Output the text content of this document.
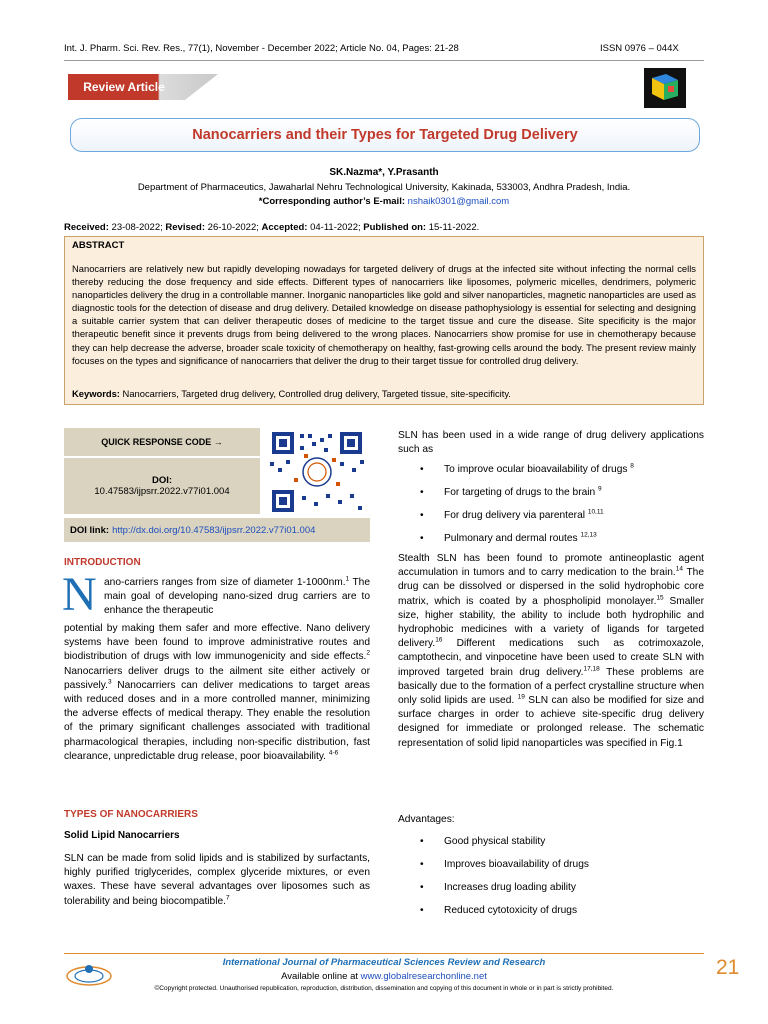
Int. J. Pharm. Sci. Rev. Res., 77(1), November - December 2022; Article No. 04, Pages: 21-28	ISSN 0976 – 044X
Review Article
Nanocarriers and their Types for Targeted Drug Delivery
SK.Nazma*, Y.Prasanth
Department of Pharmaceutics, Jawaharlal Nehru Technological University, Kakinada, 533003, Andhra Pradesh, India.
*Corresponding author’s E-mail: nshaik0301@gmail.com
Received: 23-08-2022; Revised: 26-10-2022; Accepted: 04-11-2022; Published on: 15-11-2022.
ABSTRACT
Nanocarriers are relatively new but rapidly developing nowadays for targeted delivery of drugs at the infected site without infecting the normal cells thereby reducing the dose frequency and side effects. Different types of nanocarriers like liposomes, polymeric micelles, dendrimers, polymeric nanoparticles delivery the drug in a controllable manner. Inorganic nanoparticles like gold and silver nanoparticles, magnetic nanoparticles are used as diagnostic tools for the detection of disease and drug delivery. Detailed knowledge on disease pathophysiology is essential for selecting and designing a suitable carrier system that can deliver therapeutic doses of medicine to the target tissue and cure the disease. Site specificity is the major therapeutic benefit since it prevents drugs from being delivered to the wrong places. Nanocarriers show promise for use in chemotherapy because they can help decrease the adverse, broader scale toxicity of chemotherapy on healthy, fast-growing cells around the body. The present review mainly focuses on the types and significance of nanocarriers that deliver the drug to their target tissue for controlled drug delivery.
Keywords: Nanocarriers, Targeted drug delivery, Controlled drug delivery, Targeted tissue, site-specificity.
QUICK RESPONSE CODE →
DOI:
10.47583/ijpsrr.2022.v77i01.004
DOI link: http://dx.doi.org/10.47583/ijpsrr.2022.v77i01.004
INTRODUCTION
N ano-carriers ranges from size of diameter 1-1000nm.$^1$ The main goal of developing nano-sized drug carriers are to enhance the therapeutic
potential by making them safer and more effective. Nano delivery systems have been found to improve administrative routes and biodistribution of drugs with low immunogenicity and side effects.$^2$ Nanocarriers deliver drugs to the ailment site either actively or passively.$^3$ Nanocarriers can deliver medications to target areas with reduced doses and in a more controlled manner, minimizing the adverse effects of medical therapy. They enable the resolution of the primary significant challenges associated with traditional pharmacological therapies, including non-specific distribution, fast clearance, unpredictable drug release, poor bioavailability. $^{4-6}$
TYPES OF NANOCARRIERS
Solid Lipid Nanocarriers
SLN can be made from solid lipids and is stabilized by surfactants, highly purified triglycerides, complex glyceride mixtures, or even waxes. These have several advantages over liposomes such as tolerability and being biocompatible.$^7$
SLN has been used in a wide range of drug delivery applications such as
•	To improve ocular bioavailability of drugs $^8$
•	For targeting of drugs to the brain $^9$
•	For drug delivery via parenteral $^{10,11}$
•	Pulmonary and dermal routes $^{12,13}$
Stealth SLN has been found to promote antineoplastic agent accumulation in tumors and to carry medication to the brain.$^{14}$ The drug can be dissolved or dispersed in the solid hydrophobic core matrix, which is coated by a phospholipid monolayer.$^{15}$ Smaller size, higher stability, the ability to include both hydrophilic and hydrophobic medicines with a variety of ligands for targeted delivery.$^{16}$ Different medications such as cotrimoxazole, camptothecin, and vinpocetine have been used to create SLN with improved targeted brain drug delivery.$^{17,18}$ These problems are basically due to the formation of a perfect crystalline structure when only solid lipids are used. $^{19}$ SLN can also be modified for size and surface charges in order to achieve site-specific drug delivery designed for immediate or prolonged release. The schematic representation of solid lipid nanoparticles was specified in Fig.1
Advantages:
•	Good physical stability
•	Improves bioavailability of drugs
•	Increases drug loading ability
•	Reduced cytotoxicity of drugs
International Journal of Pharmaceutical Sciences Review and Research
Available online at www.globalresearchonline.net
©Copyright protected. Unauthorised republication, reproduction, distribution, dissemination and copying of this document in whole or in part is strictly prohibited.
21
